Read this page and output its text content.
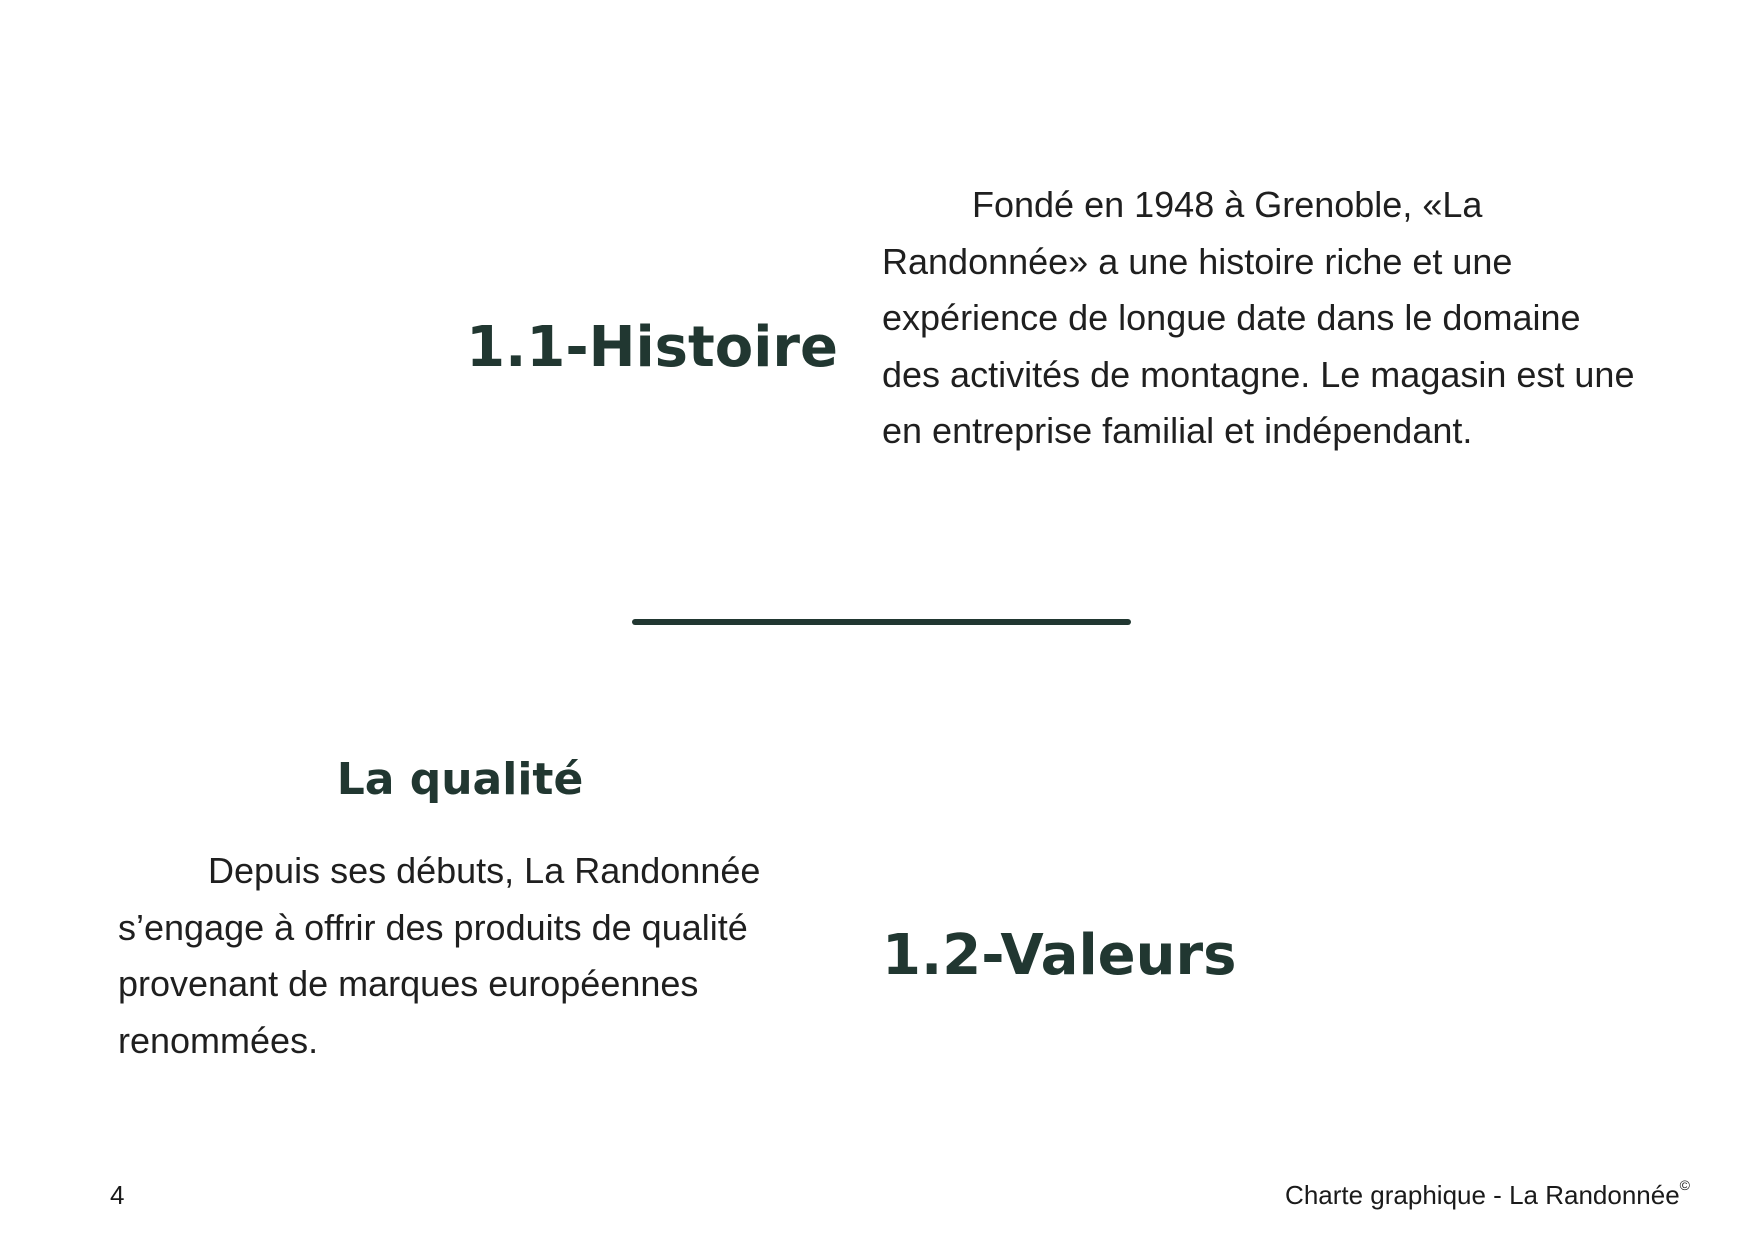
1.1-Histoire

Fondé en 1948 à Grenoble, «La Randonnée» a une histoire riche et une expérience de longue date dans le domaine des activités de montagne. Le magasin est une en entreprise familial et indépendant.

La qualité

Depuis ses débuts, La Randonnée s’engage à offrir des produits de qualité provenant de marques européennes renommées.

1.2-Valeurs
4	Charte graphique - La Randonnée©
